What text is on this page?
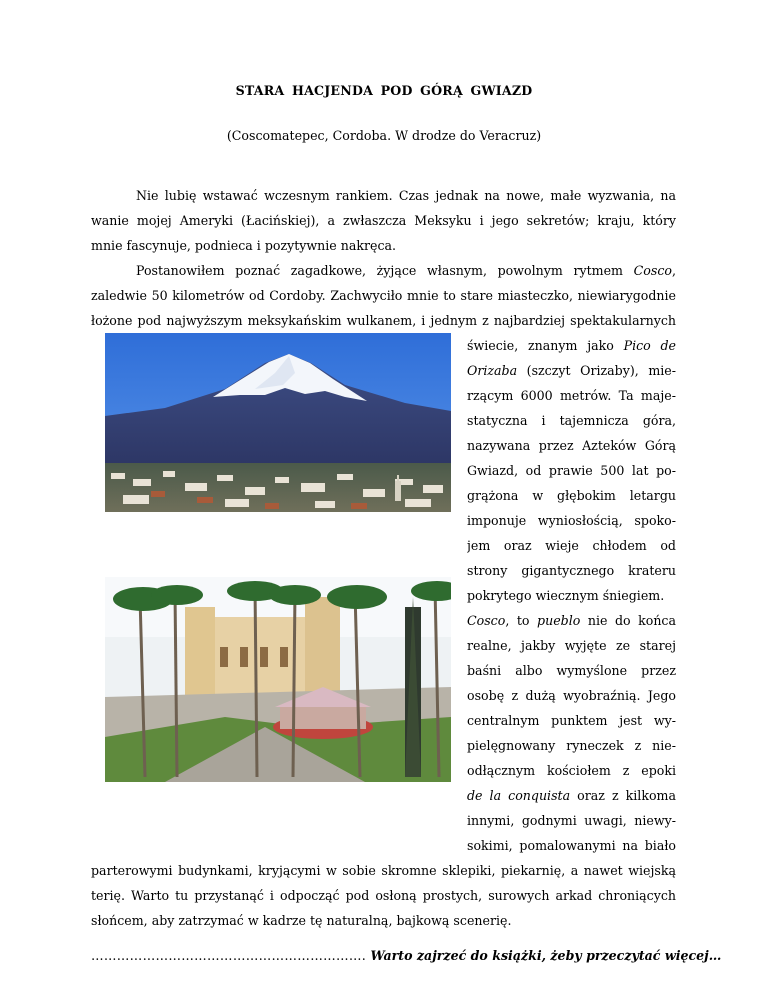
STARA HACJENDA POD GÓRĄ GWIAZD
(Coscomatepec, Cordoba. W drodze do Veracruz)
Nie lubię wstawać wczesnym rankiem. Czas jednak na nowe, małe wyzwania, na
wanie mojej Ameryki (Łacińskiej), a zwłaszcza Meksyku i jego sekretów; kraju, który
mnie fascynuje, podnieca i pozytywnie nakręca.
Postanowiłem poznać zagadkowe, żyjące własnym, powolnym rytmem Cosco,
zaledwie 50 kilometrów od Cordoby. Zachwyciło mnie to stare miasteczko, niewiarygodnie
łożone pod najwyższym meksykańskim wulkanem, i jednym z najbardziej spektakularnych
świecie, znanym jako Pico de
Orizaba (szczyt Orizaby), mie-
rzącym 6000 metrów. Ta maje-
statyczna i tajemnicza góra,
nazywana przez Azteków Górą
Gwiazd, od prawie 500 lat po-
grążona w głębokim letargu
imponuje wyniosłością, spoko-
jem oraz wieje chłodem od
strony gigantycznego krateru
pokrytego wiecznym śniegiem.
Cosco, to pueblo nie do końca
realne, jakby wyjęte ze starej
baśni albo wymyślone przez
osobę z dużą wyobraźnią. Jego
centralnym punktem jest wy-
pielęgnowany ryneczek z nie-
odłącznym kościołem z epoki
de la conquista oraz z kilkoma
innymi, godnymi uwagi, niewy-
sokimi, pomalowanymi na biało
parterowymi budynkami, kryjącymi w sobie skromne sklepiki, piekarnię, a nawet wiejską
terię. Warto tu przystanąć i odpocząć pod osłoną prostych, surowych arkad chroniących
słońcem, aby zatrzymać w kadrze tę naturalną, bajkową scenerię.
………………………………………………………. Warto zajrzeć do książki, żeby przeczytać więcej…
